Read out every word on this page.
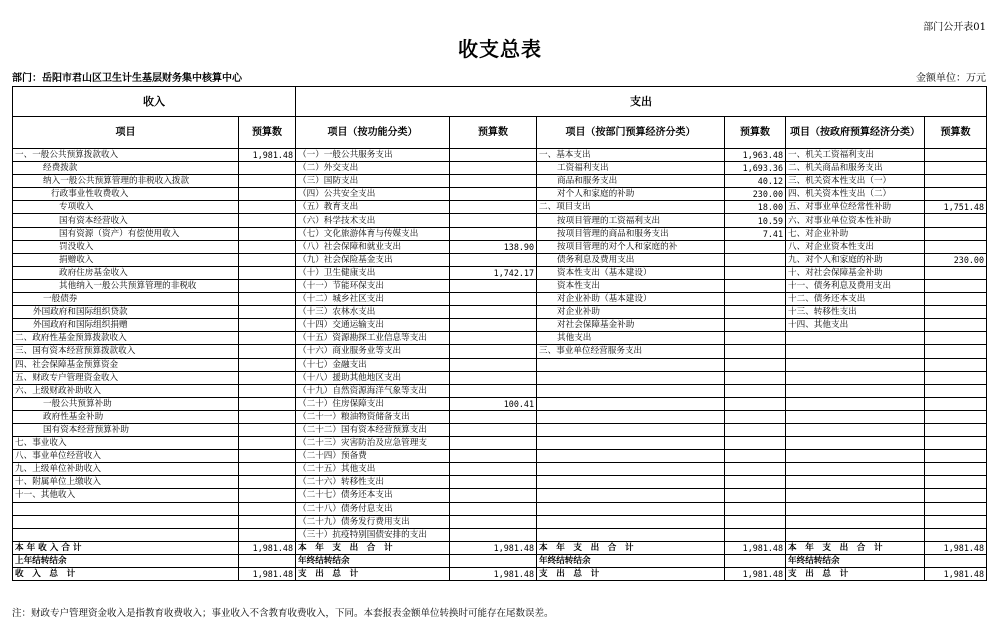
部门公开表01
收支总表
部门：岳阳市君山区卫生计生基层财务集中核算中心	金额单位：万元
收入		支出					
项目	预算数	项目（按功能分类）	预算数	项目（按部门预算经济分类）	预算数	项目（按政府预算经济分类）	预算数
一、一般公共预算拨款收入	1,981.48	（一）一般公共服务支出		一、基本支出	1,963.48	一、机关工资福利支出	
经费拨款		（二）外交支出		工资福利支出	1,693.36	二、机关商品和服务支出	
纳入一般公共预算管理的非税收入拨款		（三）国防支出		商品和服务支出	40.12	三、机关资本性支出（一）	
行政事业性收费收入		（四）公共安全支出		对个人和家庭的补助	230.00	四、机关资本性支出（二）	
专项收入		（五）教育支出		二、项目支出	18.00	五、对事业单位经常性补助	1,751.48
国有资本经营收入		（六）科学技术支出		按项目管理的工资福利支出	10.59	六、对事业单位资本性补助	
国有资源（资产）有偿使用收入		（七）文化旅游体育与传媒支出		按项目管理的商品和服务支出	7.41	七、对企业补助	
罚没收入		（八）社会保障和就业支出	138.90	按项目管理的对个人和家庭的补		八、对企业资本性支出	
捐赠收入		（九）社会保险基金支出		债务利息及费用支出		九、对个人和家庭的补助	230.00
政府住房基金收入		（十）卫生健康支出	1,742.17	资本性支出（基本建设）		十、对社会保障基金补助	
其他纳入一般公共预算管理的非税收		（十一）节能环保支出		资本性支出		十一、债务利息及费用支出	
一般债券		（十二）城乡社区支出		对企业补助（基本建设）		十二、债务还本支出	
外国政府和国际组织贷款		（十三）农林水支出		对企业补助		十三、转移性支出	
外国政府和国际组织捐赠		（十四）交通运输支出		对社会保障基金补助		十四、其他支出	
二、政府性基金预算拨款收入		（十五）资源勘探工业信息等支出		其他支出			
三、国有资本经营预算拨款收入		（十六）商业服务业等支出		三、事业单位经营服务支出			
四、社会保障基金预算资金		（十七）金融支出					
五、财政专户管理资金收入		（十八）援助其他地区支出					
六、上级财政补助收入		（十九）自然资源海洋气象等支出					
一般公共预算补助		（二十）住房保障支出	100.41				
政府性基金补助		（二十一）粮油物资储备支出					
国有资本经营预算补助		（二十二）国有资本经营预算支出					
七、事业收入		（二十三）灾害防治及应急管理支					
八、事业单位经营收入		（二十四）预备费					
九、上级单位补助收入		（二十五）其他支出					
十、附属单位上缴收入		（二十六）转移性支出					
十一、其他收入		（二十七）债务还本支出					
		（二十八）债务付息支出					
		（二十九）债务发行费用支出					
		（三十）抗疫特别国债安排的支出					
本 年 收 入 合 计	1,981.48	本　年　支　出　合　计	1,981.48	本　年　支　出　合　计	1,981.48	本　年　支　出　合　计	1,981.48
上年结转结余		年终结转结余		年终结转结余		年终结转结余	
收　入　总　计	1,981.48	支　出　总　计	1,981.48	支　出　总　计	1,981.48	支　出　总　计	1,981.48
注：财政专户管理资金收入是指教育收费收入；事业收入不含教育收费收入，下同。本套报表金额单位转换时可能存在尾数误差。
